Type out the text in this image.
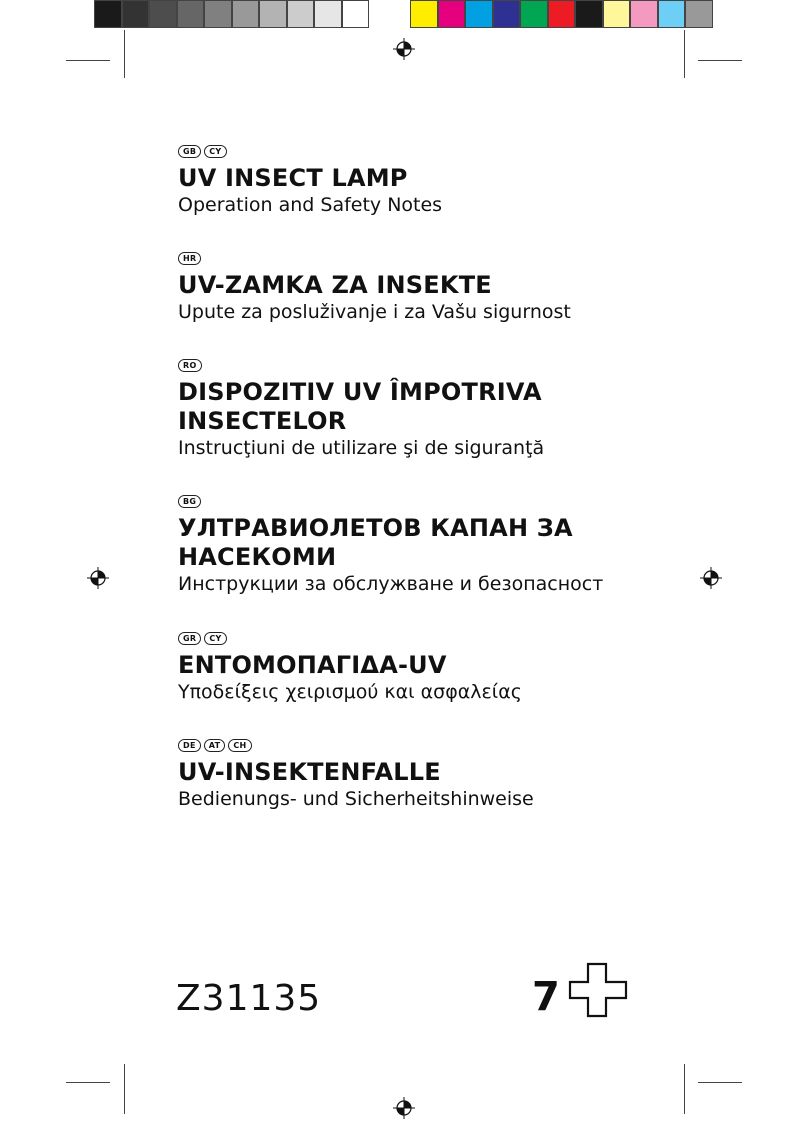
GB	CY
UV INSECT LAMP
Operation and Safety Notes
HR
UV-ZAMKA ZA INSEKTE
Upute za posluživanje i za Vašu sigurnost
RO
DISPOZITIV UV ÎMPOTRIVA INSECTELOR
Instrucţiuni de utilizare şi de siguranţă
BG
УЛТРАВИОЛЕТОВ КАПАН ЗА НАСЕКОМИ
Инструкции за обслужване и безопасност
GR	CY
ΕΝΤΟΜΟΠΑΓΙΔΑ-UV
Υποδείξεις χειρισμού και ασφαλείας
DE	AT	CH
UV-INSEKTENFALLE
Bedienungs- und Sicherheitshinweise
Z31135	7
